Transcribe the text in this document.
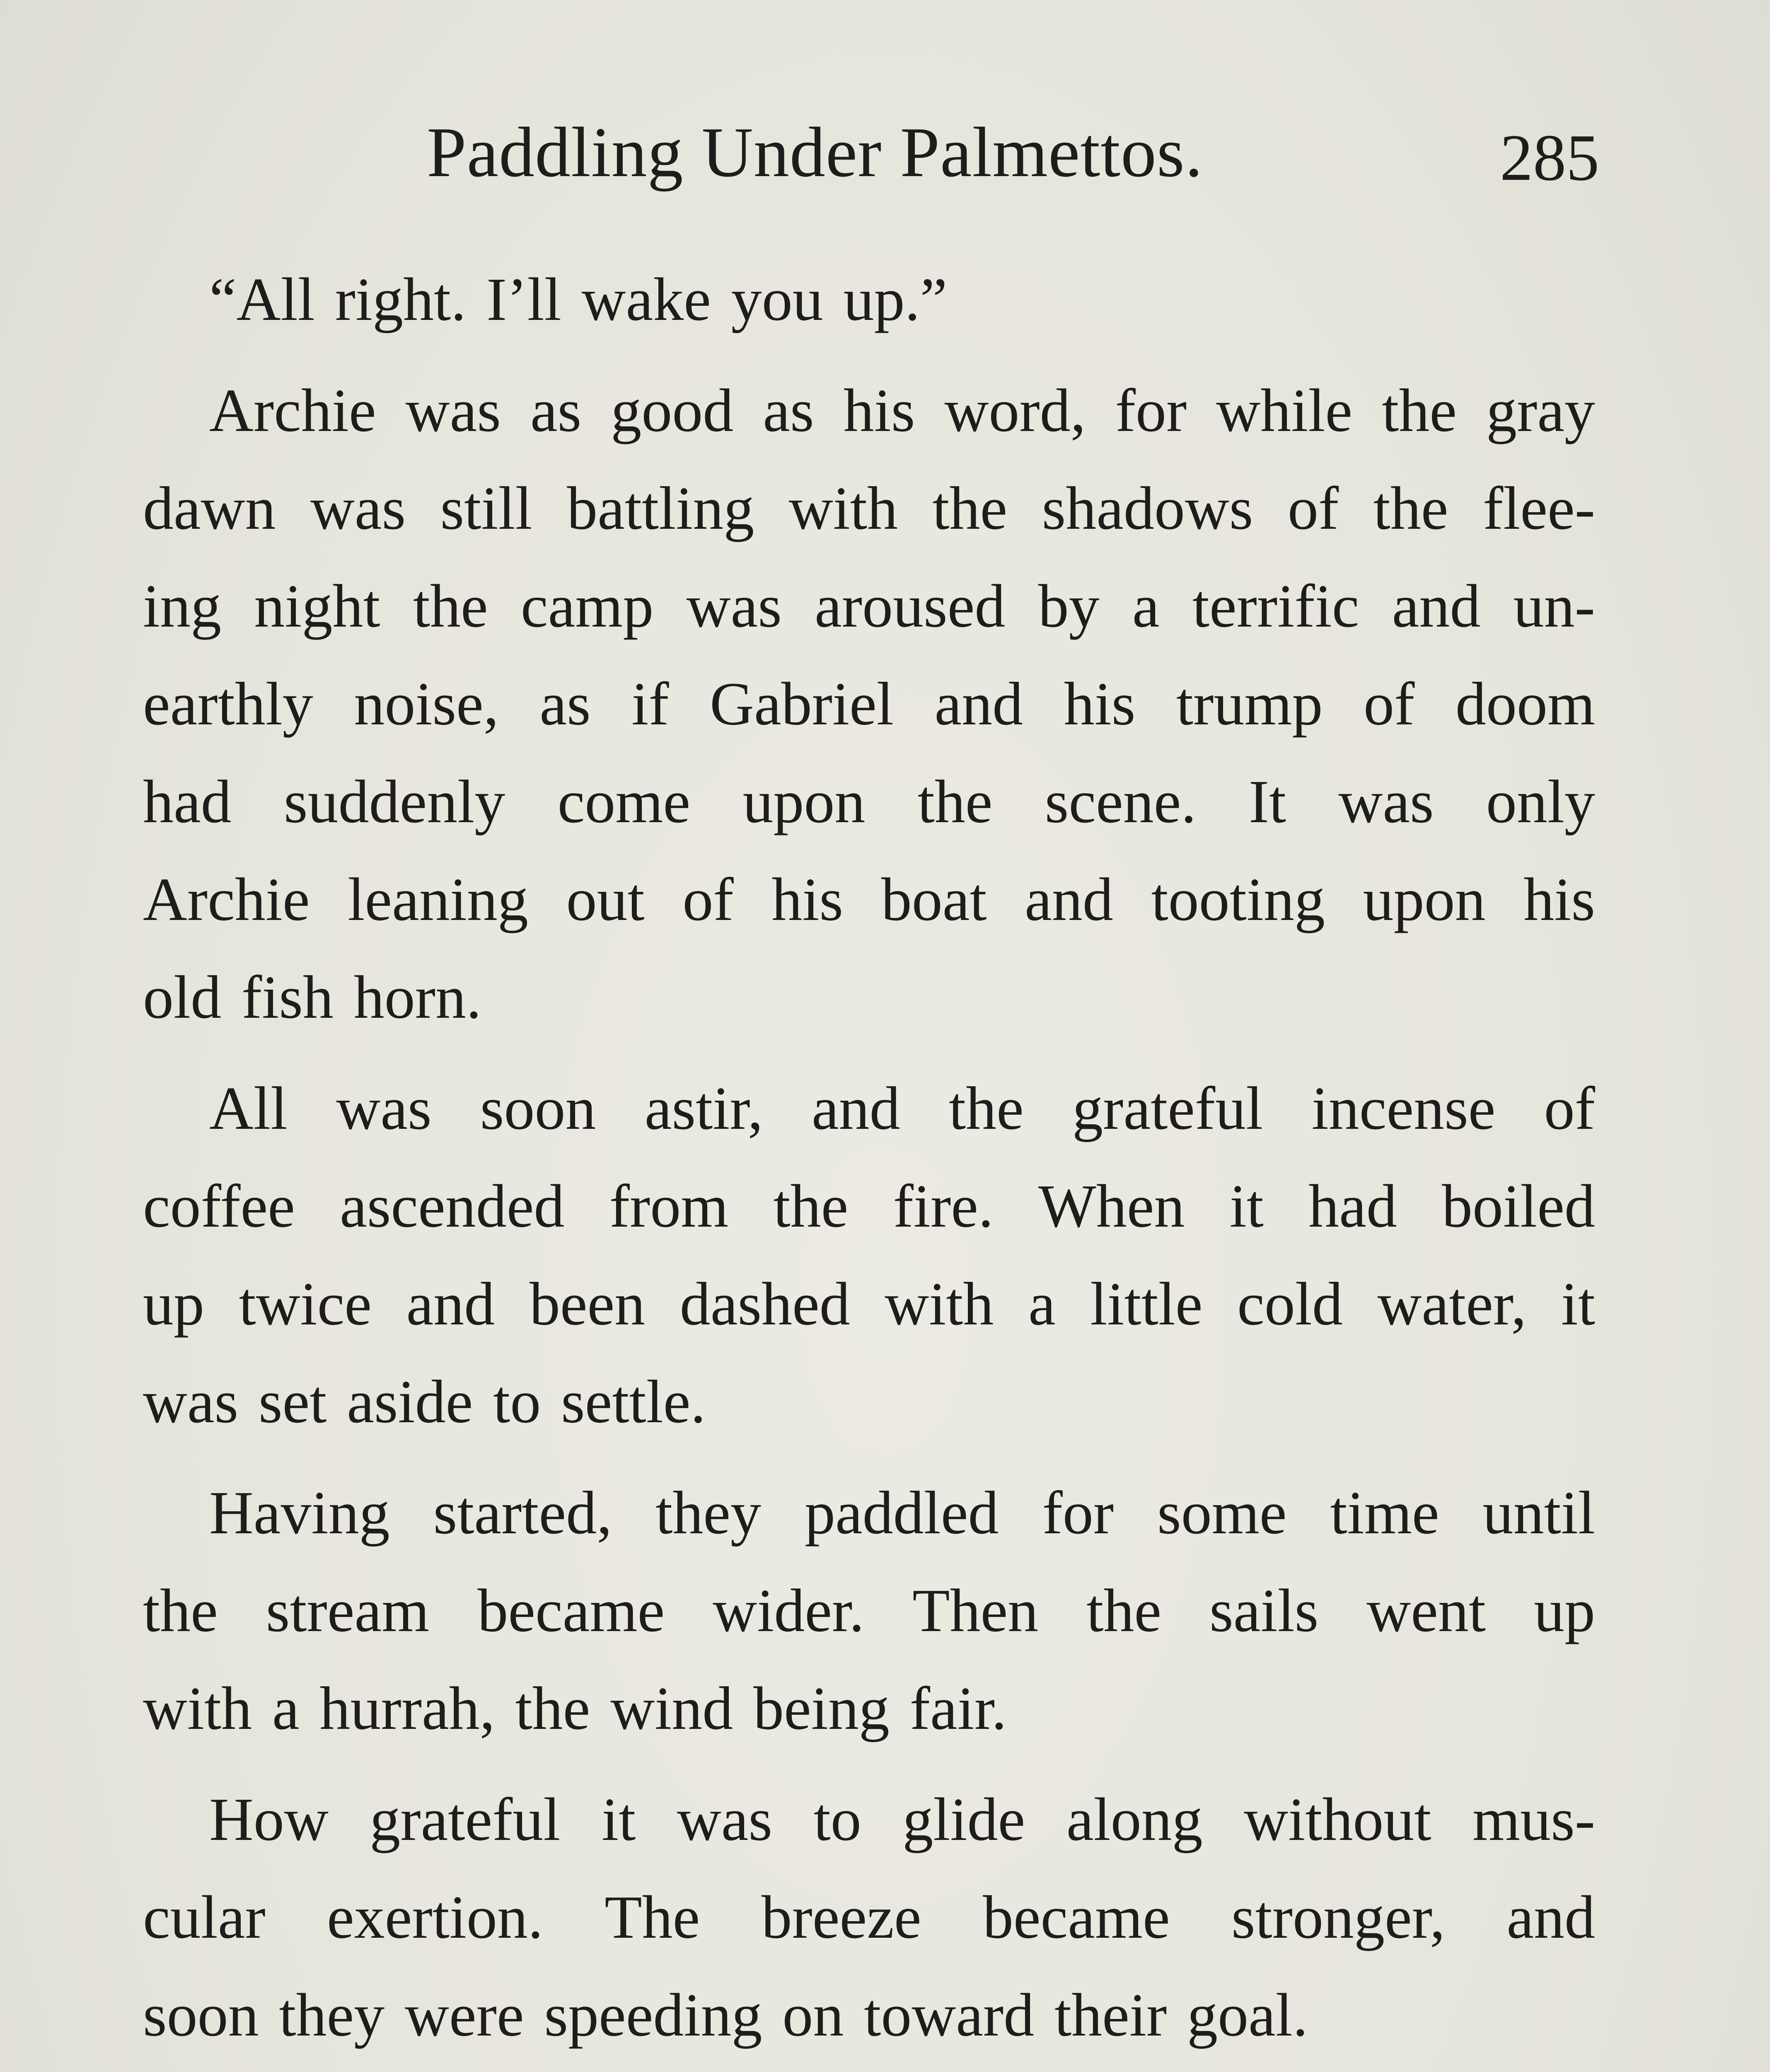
Paddling Under Palmettos.	285
“All right. I’ll wake you up.”
Archie was as good as his word, for while the gray
dawn was still battling with the shadows of the flee-
ing night the camp was aroused by a terrific and un-
earthly noise, as if Gabriel and his trump of doom
had suddenly come upon the scene. It was only
Archie leaning out of his boat and tooting upon his
old fish horn.
All was soon astir, and the grateful incense of
coffee ascended from the fire. When it had boiled
up twice and been dashed with a little cold water, it
was set aside to settle.
Having started, they paddled for some time until
the stream became wider. Then the sails went up
with a hurrah, the wind being fair.
How grateful it was to glide along without mus-
cular exertion. The breeze became stronger, and
soon they were speeding on toward their goal.
